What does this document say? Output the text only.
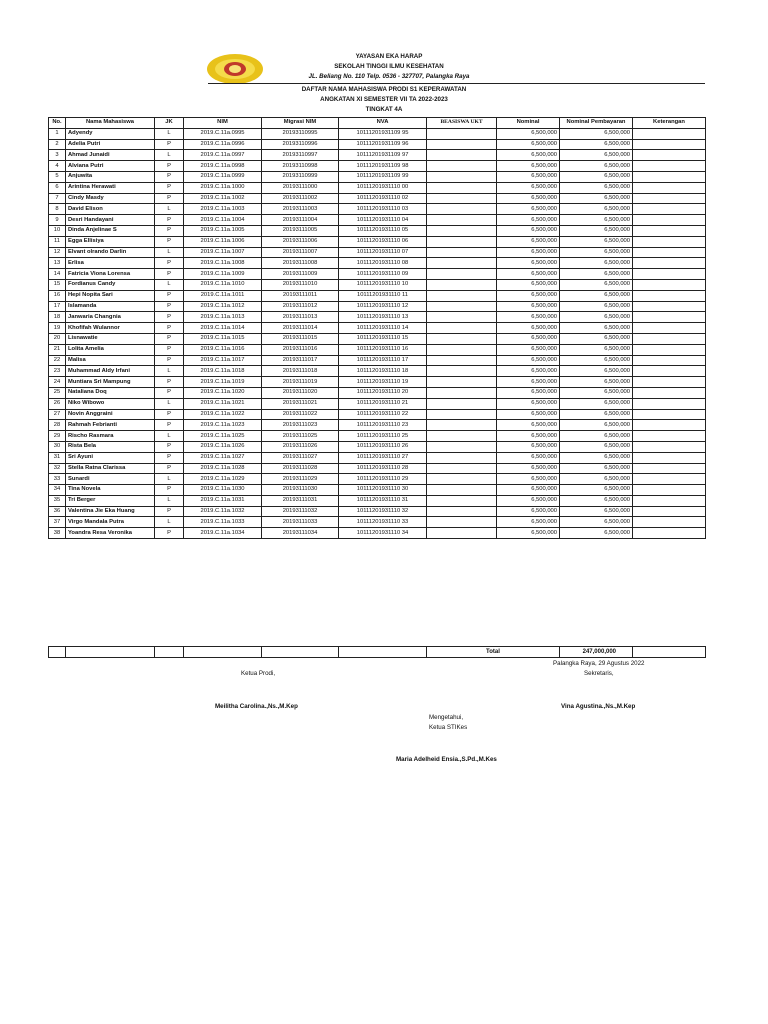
YAYASAN EKA HARAP
SEKOLAH TINGGI ILMU KESEHATAN
JL. Beliang No. 110 Telp. 0536 - 327707, Palangka Raya
DAFTAR NAMA MAHASISWA PRODI S1 KEPERAWATAN
ANGKATAN XI SEMESTER VII TA 2022-2023
TINGKAT 4A
No.	Nama Mahasiswa	JK	NIM	Migrasi NIM	NVA	BEASISWA UKT	Nominal	Nominal Pembayaran	Keterangan
1	Adyendy	L	2019.C.11a.0995	20193110995	10111201931109 95		6,500,000	6,500,000	
2	Adelia Putri	P	2019.C.11a.0996	20193110996	10111201931109 96		6,500,000	6,500,000	
3	Ahmad Junaidi	L	2019.C.11a.0997	20193110997	10111201931109 97		6,500,000	6,500,000	
4	Alviana Putri	P	2019.C.11a.0998	20193110998	10111201931109 98		6,500,000	6,500,000	
5	Anjuwita	P	2019.C.11a.0999	20193110999	10111201931109 99		6,500,000	6,500,000	
6	Arintina Herawati	P	2019.C.11a.1000	20193111000	10111201931110 00		6,500,000	6,500,000	
7	Cindy Masdy	P	2019.C.11a.1002	20193111002	10111201931110 02		6,500,000	6,500,000	
8	David Elison	L	2019.C.11a.1003	20193111003	10111201931110 03		6,500,000	6,500,000	
9	Desri Handayani	P	2019.C.11a.1004	20193111004	10111201931110 04		6,500,000	6,500,000	
10	Dinda Anjelinae S	P	2019.C.11a.1005	20193111005	10111201931110 05		6,500,000	6,500,000	
11	Egga Ellisiya	P	2019.C.11a.1006	20193111006	10111201931110 06		6,500,000	6,500,000	
12	Elvant olrando Darlin	L	2019.C.11a.1007	20193111007	10111201931110 07		6,500,000	6,500,000	
13	Erlisa	P	2019.C.11a.1008	20193111008	10111201931110 08		6,500,000	6,500,000	
14	Fatricia Viona Lorensa	P	2019.C.11a.1009	20193111009	10111201931110 09		6,500,000	6,500,000	
15	Fordianus Candy	L	2019.C.11a.1010	20193111010	10111201931110 10		6,500,000	6,500,000	
16	Hepi Nopita Sari	P	2019.C.11a.1011	20193111011	10111201931110 11		6,500,000	6,500,000	
17	Islamanda	P	2019.C.11a.1012	20193111012	10111201931110 12		6,500,000	6,500,000	
18	Janwaria Changnia	P	2019.C.11a.1013	20193111013	10111201931110 13		6,500,000	6,500,000	
19	Khofifah Wulannor	P	2019.C.11a.1014	20193111014	10111201931110 14		6,500,000	6,500,000	
20	Lisnawatie	P	2019.C.11a.1015	20193111015	10111201931110 15		6,500,000	6,500,000	
21	Lolita Amelia	P	2019.C.11a.1016	20193111016	10111201931110 16		6,500,000	6,500,000	
22	Malisa	P	2019.C.11a.1017	20193111017	10111201931110 17		6,500,000	6,500,000	
23	Muhammad Aldy Irfani	L	2019.C.11a.1018	20193111018	10111201931110 18		6,500,000	6,500,000	
24	Muntiara Sri Mampung	P	2019.C.11a.1019	20193111019	10111201931110 19		6,500,000	6,500,000	
25	Nataliana Doq	P	2019.C.11a.1020	20193111020	10111201931110 20		6,500,000	6,500,000	
26	Niko Wibowo	L	2019.C.11a.1021	20193111021	10111201931110 21		6,500,000	6,500,000	
27	Novin Anggraini	P	2019.C.11a.1022	20193111022	10111201931110 22		6,500,000	6,500,000	
28	Rahmah Febrianti	P	2019.C.11a.1023	20193111023	10111201931110 23		6,500,000	6,500,000	
29	Rischo Rasmara	L	2019.C.11a.1025	20193111025	10111201931110 25		6,500,000	6,500,000	
30	Rista Bela	P	2019.C.11a.1026	20193111026	10111201931110 26		6,500,000	6,500,000	
31	Sri Ayuni	P	2019.C.11a.1027	20193111027	10111201931110 27		6,500,000	6,500,000	
32	Stella Ratna Clarissa	P	2019.C.11a.1028	20193111028	10111201931110 28		6,500,000	6,500,000	
33	Sunardi	L	2019.C.11a.1029	20193111029	10111201931110 29		6,500,000	6,500,000	
34	Tina Novela	P	2019.C.11a.1030	20193111030	10111201931110 30		6,500,000	6,500,000	
35	Tri Berger	L	2019.C.11a.1031	20193111031	10111201931110 31		6,500,000	6,500,000	
36	Valentina Jie Eka Huang	P	2019.C.11a.1032	20193111032	10111201931110 32		6,500,000	6,500,000	
37	Virgo Mandala Putra	L	2019.C.11a.1033	20193111033	10111201931110 33		6,500,000	6,500,000	
38	Yoandra Resa Veronika	P	2019.C.11a.1034	20193111034	10111201931110 34		6,500,000	6,500,000	
						Total	247,000,000	
Palangka Raya, 29 Agustus 2022
Ketua Prodi,	Sekretaris,
Meilitha Carolina.,Ns.,M.Kep	Vina Agustina.,Ns.,M.Kep
Mengetahui,
Ketua STIKes
Maria Adelheid Ensia.,S.Pd.,M.Kes
